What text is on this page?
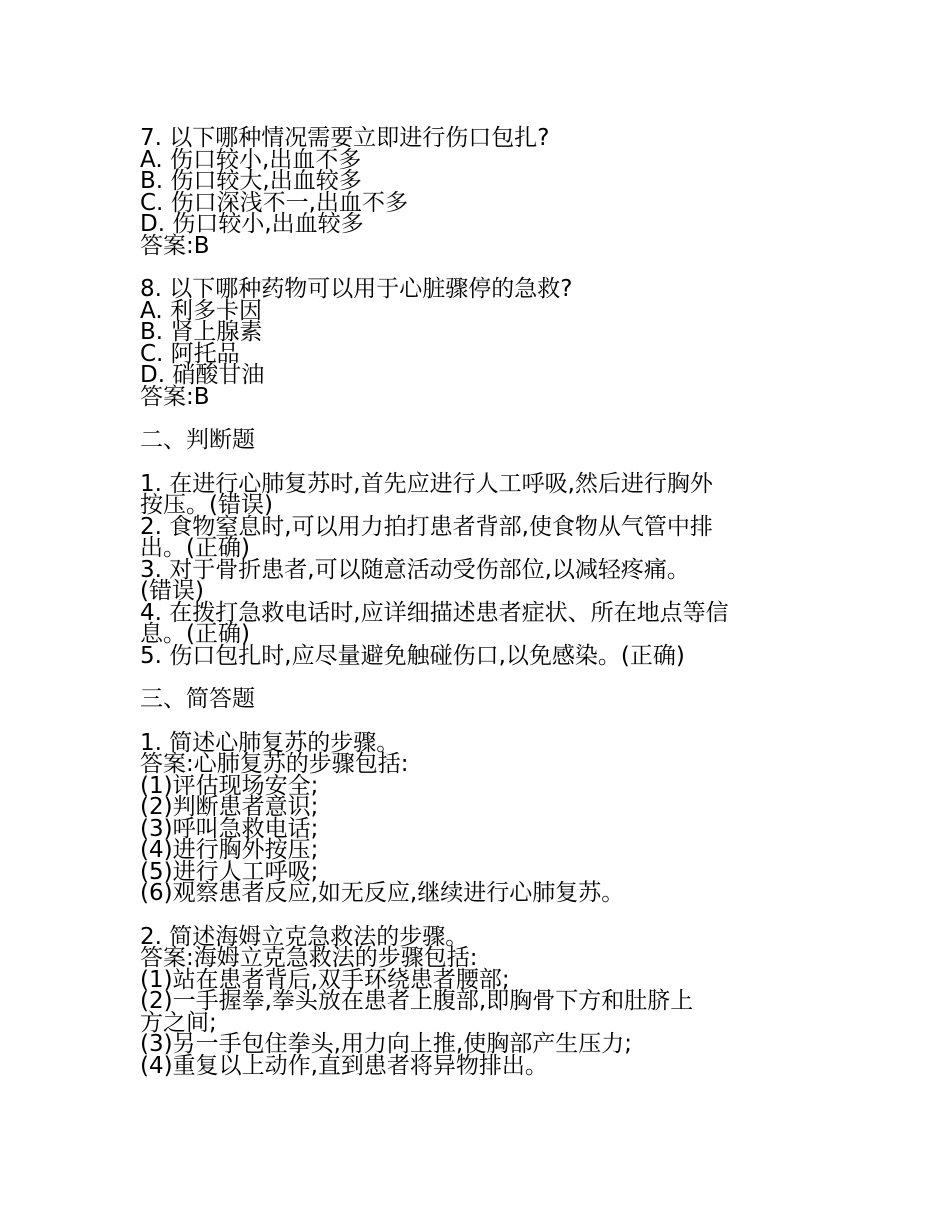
7. 以下哪种情况需要立即进行伤口包扎?
A. 伤口较小,出血不多
B. 伤口较大,出血较多
C. 伤口深浅不一,出血不多
D. 伤口较小,出血较多
答案:B
8. 以下哪种药物可以用于心脏骤停的急救?
A. 利多卡因
B. 肾上腺素
C. 阿托品
D. 硝酸甘油
答案:B
二、判断题
1. 在进行心肺复苏时,首先应进行人工呼吸,然后进行胸外
按压。(错误)
2. 食物窒息时,可以用力拍打患者背部,使食物从气管中排
出。(正确)
3. 对于骨折患者,可以随意活动受伤部位,以减轻疼痛。
(错误)
4. 在拨打急救电话时,应详细描述患者症状、所在地点等信
息。(正确)
5. 伤口包扎时,应尽量避免触碰伤口,以免感染。(正确)
三、简答题
1. 简述心肺复苏的步骤。
答案:心肺复苏的步骤包括:
(1)评估现场安全;
(2)判断患者意识;
(3)呼叫急救电话;
(4)进行胸外按压;
(5)进行人工呼吸;
(6)观察患者反应,如无反应,继续进行心肺复苏。
2. 简述海姆立克急救法的步骤。
答案:海姆立克急救法的步骤包括:
(1)站在患者背后,双手环绕患者腰部;
(2)一手握拳,拳头放在患者上腹部,即胸骨下方和肚脐上
方之间;
(3)另一手包住拳头,用力向上推,使胸部产生压力;
(4)重复以上动作,直到患者将异物排出。
